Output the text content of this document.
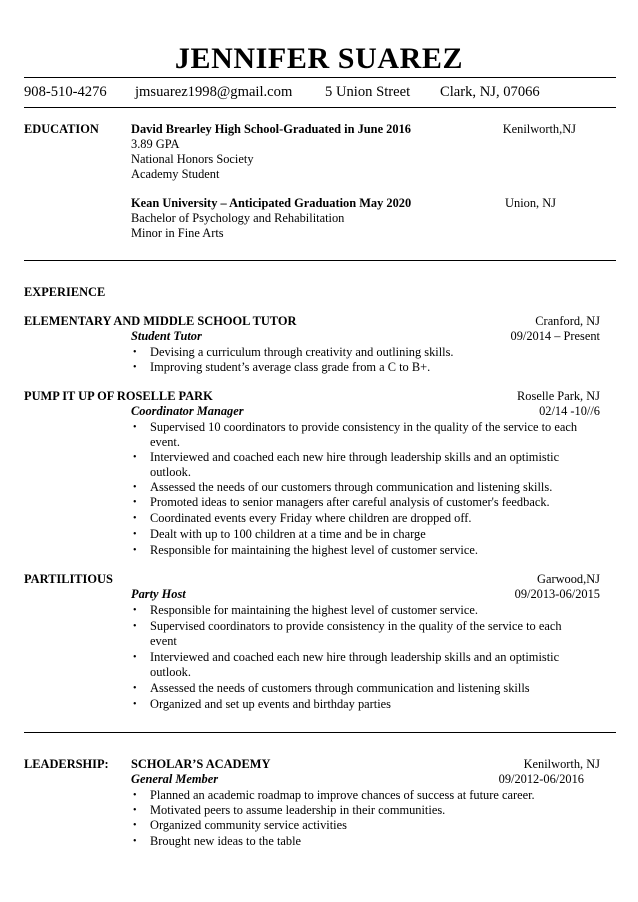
JENNIFER SUAREZ
908-510-4276 jmsuarez1998@gmail.com 5 Union Street Clark, NJ, 07066
EDUCATION	David Brearley High School-Graduated in June 2016	Kenilworth,NJ
3.89 GPA
National Honors Society
Academy Student
Kean University – Anticipated Graduation May 2020	Union, NJ
Bachelor of Psychology and Rehabilitation
Minor in Fine Arts
EXPERIENCE
ELEMENTARY AND MIDDLE SCHOOL TUTOR	Cranford, NJ
Student Tutor	09/2014 – Present
• Devising a curriculum through creativity and outlining skills.
• Improving student’s average class grade from a C to B+.
PUMP IT UP OF ROSELLE PARK	Roselle Park, NJ
Coordinator Manager	02/14 -10//6
• Supervised 10 coordinators to provide consistency in the quality of the service to each
event.
• Interviewed and coached each new hire through leadership skills and an optimistic
outlook.
• Assessed the needs of our customers through communication and listening skills.
• Promoted ideas to senior managers after careful analysis of customer's feedback.
• Coordinated events every Friday where children are dropped off.
• Dealt with up to 100 children at a time and be in charge
• Responsible for maintaining the highest level of customer service.
PARTILITIOUS	Garwood,NJ
Party Host	09/2013-06/2015
• Responsible for maintaining the highest level of customer service.
• Supervised coordinators to provide consistency in the quality of the service to each
event
• Interviewed and coached each new hire through leadership skills and an optimistic
outlook.
• Assessed the needs of customers through communication and listening skills
• Organized and set up events and birthday parties
LEADERSHIP: SCHOLAR’S ACADEMY	Kenilworth, NJ
General Member	09/2012-06/2016
• Planned an academic roadmap to improve chances of success at future career.
• Motivated peers to assume leadership in their communities.
• Organized community service activities
• Brought new ideas to the table
